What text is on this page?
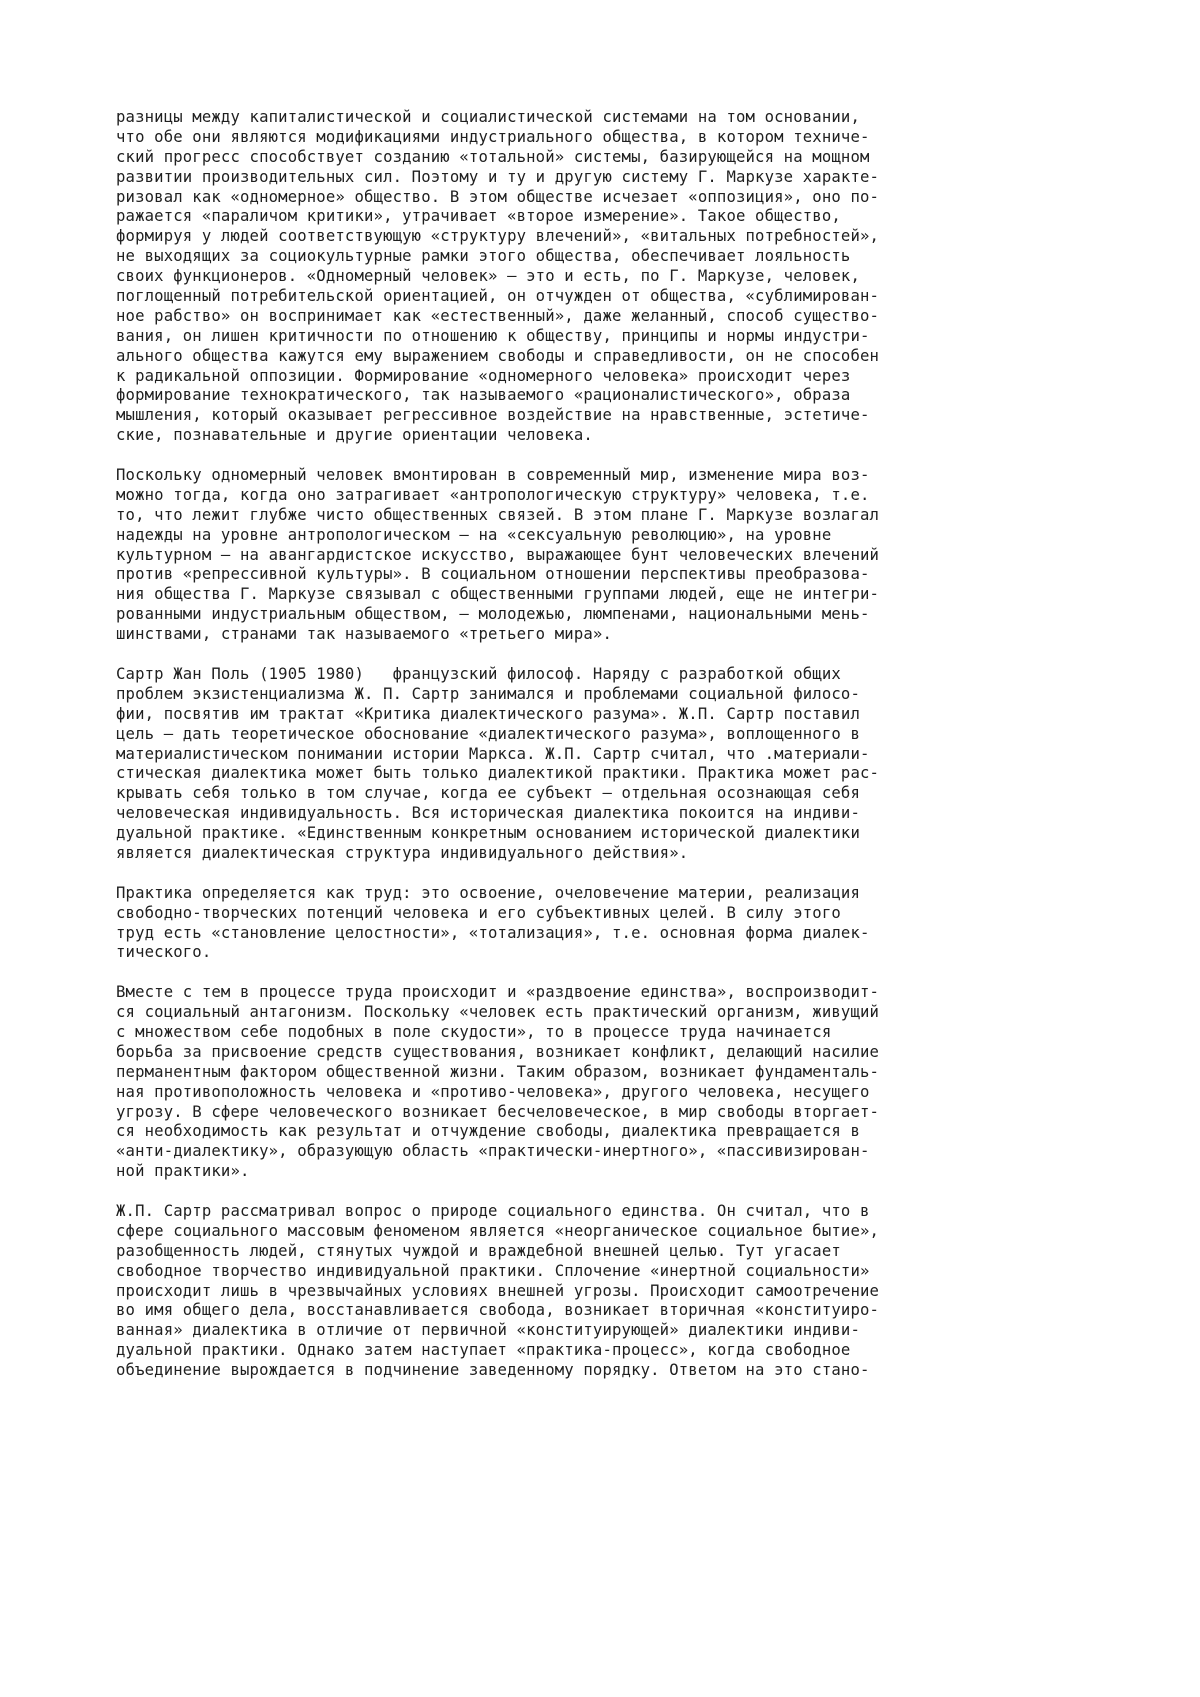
разницы между капиталистической и социалистической системами на том основании,
что обе они являются модификациями индустриального общества, в котором техниче-
ский прогресс способствует созданию «тотальной» системы, базирующейся на мощном
развитии производительных сил. Поэтому и ту и другую систему Г. Маркузе характе-
ризовал как «одномерное» общество. В этом обществе исчезает «оппозиция», оно по-
ражается «параличом критики», утрачивает «второе измерение». Такое общество,
формируя у людей соответствующую «структуру влечений», «витальных потребностей»,
не выходящих за социокультурные рамки этого общества, обеспечивает лояльность
своих функционеров. «Одномерный человек» — это и есть, по Г. Маркузе, человек,
поглощенный потребительской ориентацией, он отчужден от общества, «сублимирован-
ное рабство» он воспринимает как «естественный», даже желанный, способ существо-
вания, он лишен критичности по отношению к обществу, принципы и нормы индустри-
ального общества кажутся ему выражением свободы и справедливости, он не способен
к радикальной оппозиции. Формирование «одномерного человека» происходит через
формирование технократического, так называемого «рационалистического», образа
мышления, который оказывает регрессивное воздействие на нравственные, эстетиче-
ские, познавательные и другие ориентации человека.
Поскольку одномерный человек вмонтирован в современный мир, изменение мира воз-
можно тогда, когда оно затрагивает «антропологическую структуру» человека, т.е.
то, что лежит глубже чисто общественных связей. В этом плане Г. Маркузе возлагал
надежды на уровне антропологическом — на «сексуальную революцию», на уровне
культурном — на авангардистское искусство, выражающее бунт человеческих влечений
против «репрессивной культуры». В социальном отношении перспективы преобразова-
ния общества Г. Маркузе связывал с общественными группами людей, еще не интегри-
рованными индустриальным обществом, — молодежью, люмпенами, национальными мень-
шинствами, странами так называемого «третьего мира».
Сартр Жан Поль (1905 1980)   французский философ. Наряду с разработкой общих
проблем экзистенциализма Ж. П. Сартр занимался и проблемами социальной филосо-
фии, посвятив им трактат «Критика диалектического разума». Ж.П. Сартр поставил
цель — дать теоретическое обоснование «диалектического разума», воплощенного в
материалистическом понимании истории Маркса. Ж.П. Сартр считал, что .материали-
стическая диалектика может быть только диалектикой практики. Практика может рас-
крывать себя только в том случае, когда ее субъект — отдельная осознающая себя
человеческая индивидуальность. Вся историческая диалектика покоится на индиви-
дуальной практике. «Единственным конкретным основанием исторической диалектики
является диалектическая структура индивидуального действия».
Практика определяется как труд: это освоение, очеловечение материи, реализация
свободно-творческих потенций человека и его субъективных целей. В силу этого
труд есть «становление целостности», «тотализация», т.е. основная форма диалек-
тического.
Вместе с тем в процессе труда происходит и «раздвоение единства», воспроизводит-
ся социальный антагонизм. Поскольку «человек есть практический организм, живущий
с множеством себе подобных в поле скудости», то в процессе труда начинается
борьба за присвоение средств существования, возникает конфликт, делающий насилие
перманентным фактором общественной жизни. Таким образом, возникает фундаменталь-
ная противоположность человека и «противо-человека», другого человека, несущего
угрозу. В сфере человеческого возникает бесчеловеческое, в мир свободы вторгает-
ся необходимость как результат и отчуждение свободы, диалектика превращается в
«анти-диалектику», образующую область «практически-инертного», «пассивизирован-
ной практики».
Ж.П. Сартр рассматривал вопрос о природе социального единства. Он считал, что в
сфере социального массовым феноменом является «неорганическое социальное бытие»,
разобщенность людей, стянутых чуждой и враждебной внешней целью. Тут угасает
свободное творчество индивидуальной практики. Сплочение «инертной социальности»
происходит лишь в чрезвычайных условиях внешней угрозы. Происходит самоотречение
во имя общего дела, восстанавливается свобода, возникает вторичная «конституиро-
ванная» диалектика в отличие от первичной «конституирующей» диалектики индиви-
дуальной практики. Однако затем наступает «практика-процесс», когда свободное
объединение вырождается в подчинение заведенному порядку. Ответом на это стано-
